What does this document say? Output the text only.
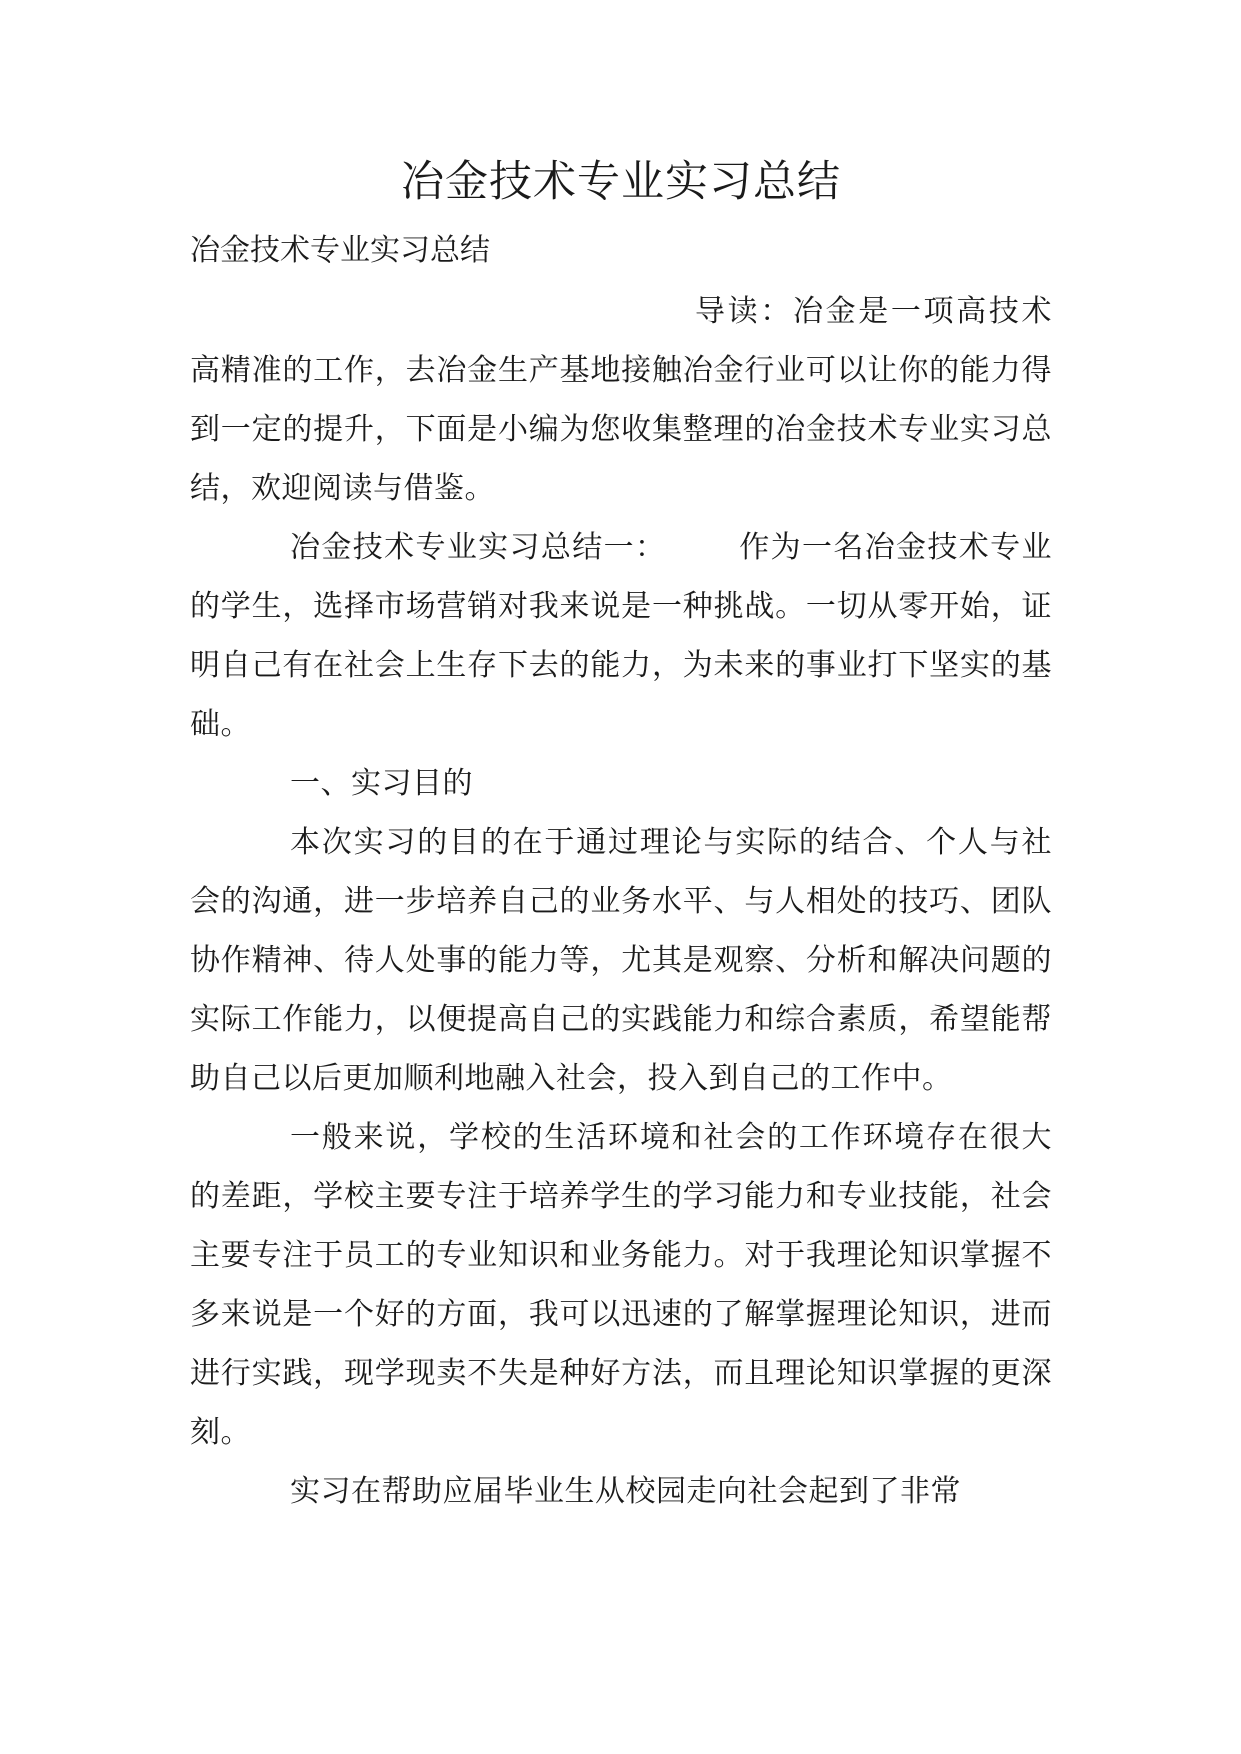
冶金技术专业实习总结

冶金技术专业实习总结

导读：冶金是一项高技术高精准的工作，去冶金生产基地接触冶金行业可以让你的能力得到一定的提升，下面是小编为您收集整理的冶金技术专业实习总结，欢迎阅读与借鉴。

冶金技术专业实习总结一： 作为一名冶金技术专业的学生，选择市场营销对我来说是一种挑战。一切从零开始，证明自己有在社会上生存下去的能力，为未来的事业打下坚实的基础。

一、实习目的

本次实习的目的在于通过理论与实际的结合、个人与社会的沟通，进一步培养自己的业务水平、与人相处的技巧、团队协作精神、待人处事的能力等，尤其是观察、分析和解决问题的实际工作能力，以便提高自己的实践能力和综合素质，希望能帮助自己以后更加顺利地融入社会，投入到自己的工作中。

一般来说，学校的生活环境和社会的工作环境存在很大的差距，学校主要专注于培养学生的学习能力和专业技能，社会主要专注于员工的专业知识和业务能力。对于我理论知识掌握不多来说是一个好的方面，我可以迅速的了解掌握理论知识，进而进行实践，现学现卖不失是种好方法，而且理论知识掌握的更深刻。

实习在帮助应届毕业生从校园走向社会起到了非常
